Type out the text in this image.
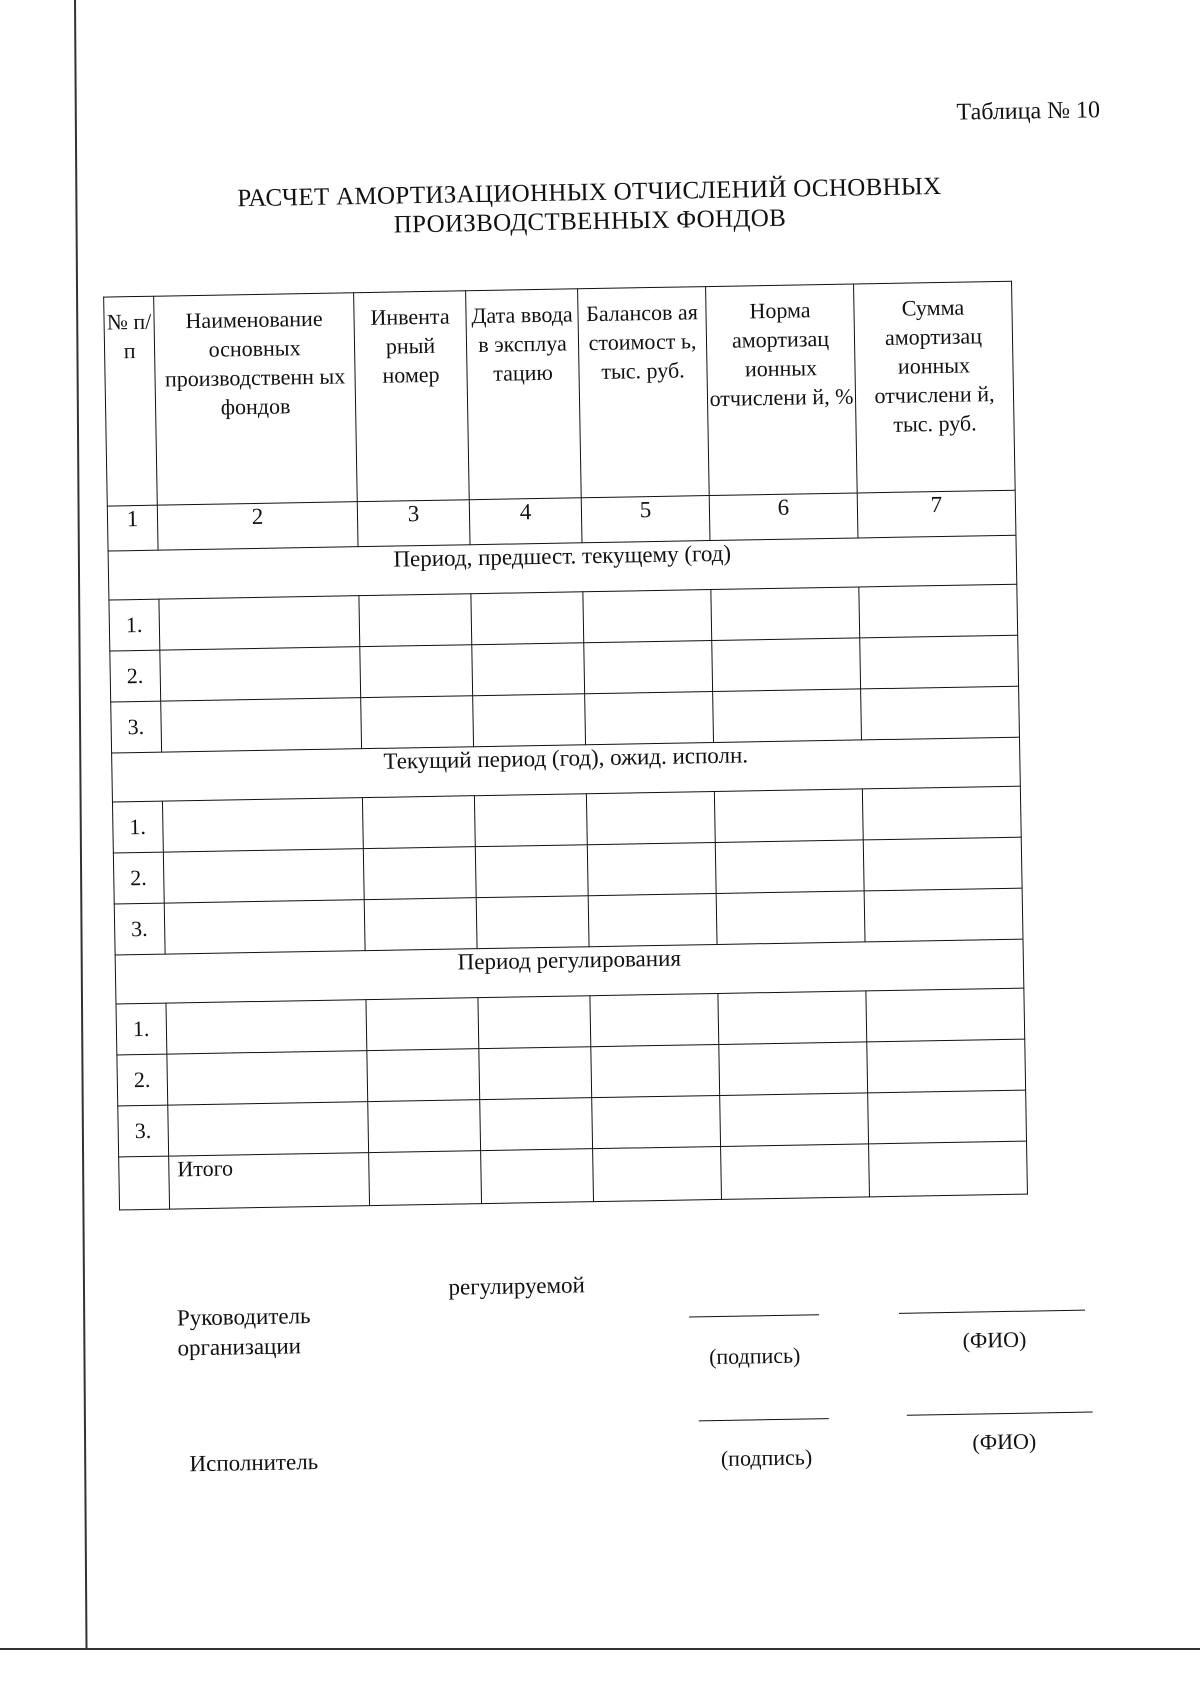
Таблица № 10
РАСЧЕТ АМОРТИЗАЦИОННЫХ ОТЧИСЛЕНИЙ ОСНОВНЫХ
ПРОИЗВОДСТВЕННЫХ ФОНДОВ
№ п/п	Наименование основных производственн ых фондов	Инвента рный номер	Дата ввода в эксплуа тацию	Балансов ая стоимост ь, тыс. руб.	Норма амортизац ионных отчислени й, %	Сумма амортизац ионных отчислени й, тыс. руб.
1	2	3	4	5	6	7
Период, предшест. текущему (год)						
1.						
2.						
3.						
Текущий период (год), ожид. исполн.						
1.						
2.						
3.						
Период регулирования						
1.						
2.						
3.						
	Итого					
Руководитель
организации
регулируемой
(подпись)
(ФИО)
Исполнитель	(подпись)
(ФИО)
